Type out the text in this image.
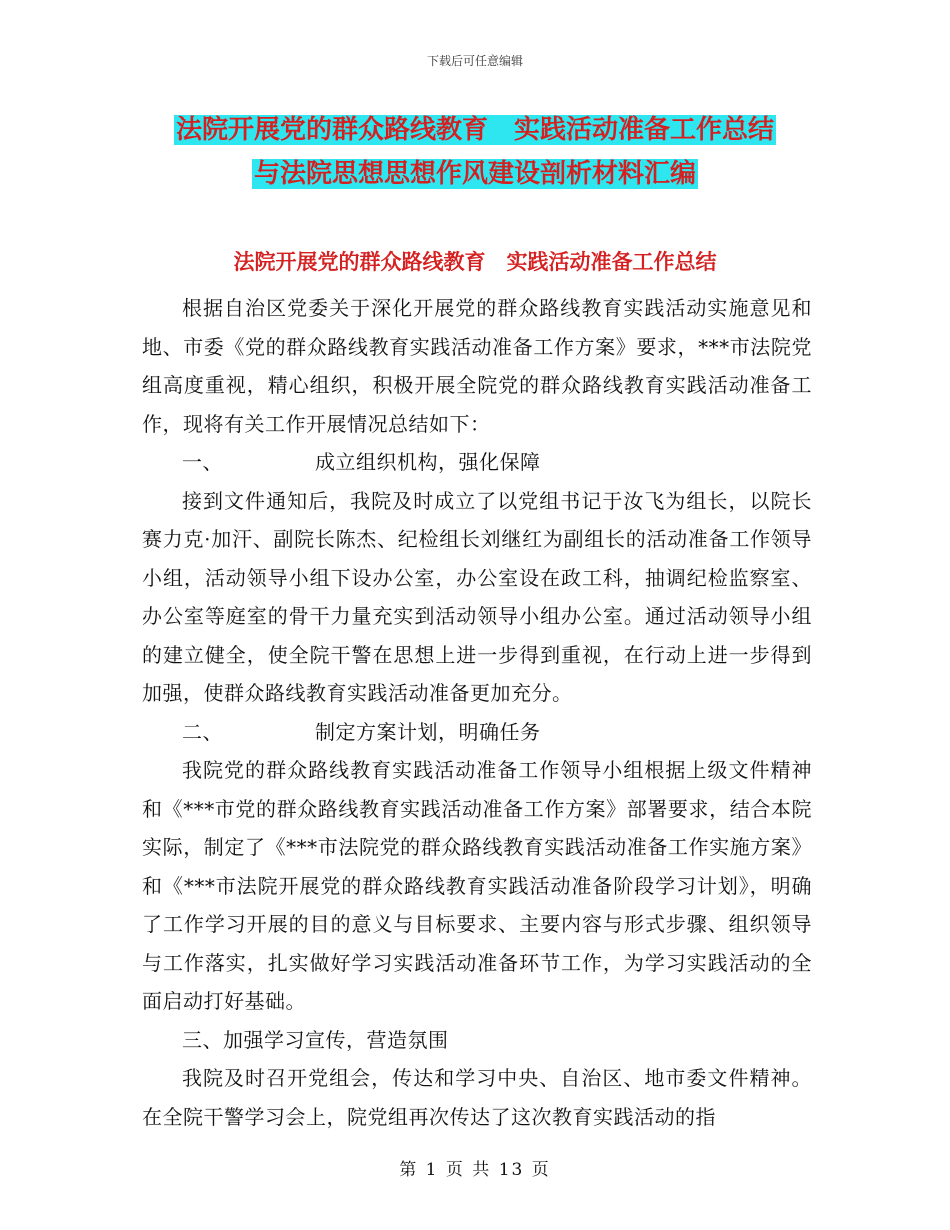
下载后可任意编辑
法院开展党的群众路线教育　实践活动准备工作总结
与法院思想思想作风建设剖析材料汇编
法院开展党的群众路线教育　实践活动准备工作总结

根据自治区党委关于深化开展党的群众路线教育实践活动实施意见和地、市委《党的群众路线教育实践活动准备工作方案》要求，***市法院党组高度重视，精心组织，积极开展全院党的群众路线教育实践活动准备工作，现将有关工作开展情况总结如下：

一、	成立组织机构，强化保障

接到文件通知后，我院及时成立了以党组书记于汝飞为组长，以院长赛力克·加汗、副院长陈杰、纪检组长刘继红为副组长的活动准备工作领导小组，活动领导小组下设办公室，办公室设在政工科，抽调纪检监察室、办公室等庭室的骨干力量充实到活动领导小组办公室。通过活动领导小组的建立健全，使全院干警在思想上进一步得到重视，在行动上进一步得到加强，使群众路线教育实践活动准备更加充分。

二、	制定方案计划，明确任务

我院党的群众路线教育实践活动准备工作领导小组根据上级文件精神和《***市党的群众路线教育实践活动准备工作方案》部署要求，结合本院实际，制定了《***市法院党的群众路线教育实践活动准备工作实施方案》和《***市法院开展党的群众路线教育实践活动准备阶段学习计划》，明确了工作学习开展的目的意义与目标要求、主要内容与形式步骤、组织领导与工作落实，扎实做好学习实践活动准备环节工作，为学习实践活动的全面启动打好基础。

三、加强学习宣传，营造氛围

我院及时召开党组会，传达和学习中央、自治区、地市委文件精神。在全院干警学习会上，院党组再次传达了这次教育实践活动的指

第 1 页 共 13 页
